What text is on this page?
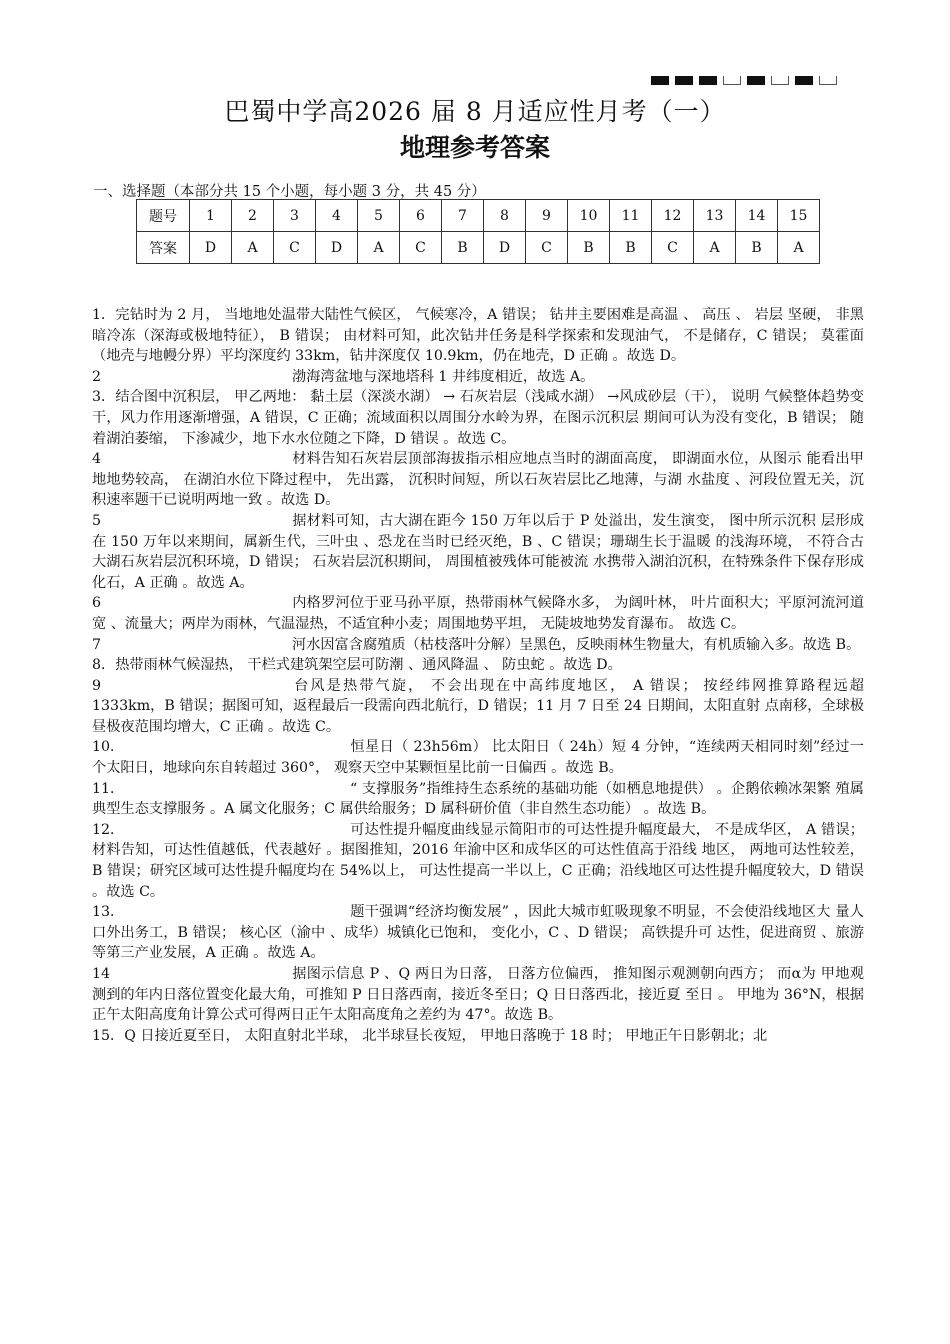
巴蜀中学高2026 届 8 月适应性月考（一）
地理参考答案
一、选择题（本部分共 15 个小题，每小题 3 分，共 45 分）
题号	1	2	3	4	5	6	7	8	9	10	11	12	13	14	15
答案	D	A	C	D	A	C	B	D	C	B	B	C	A	B	A
1．完钻时为 2 月， 当地地处温带大陆性气候区， 气候寒冷，A 错误； 钻井主要困难是高温 、 高压 、 岩层 坚硬， 非黑暗冷冻（深海或极地特征）， B 错误； 由材料可知，此次钻井任务是科学探索和发现油气， 不是储存，C 错误； 莫霍面（地壳与地幔分界）平均深度约 33km，钻井深度仅 10.9km，仍在地壳，D 正确 。故选 D。
2	渤海湾盆地与深地塔科 1 井纬度相近，故选 A。
3．结合图中沉积层， 甲乙两地： 黏土层（深淡水湖） → 石灰岩层（浅咸水湖） →风成砂层（干）， 说明 气候整体趋势变干，风力作用逐渐增强，A 错误，C 正确；流域面积以周围分水岭为界，在图示沉积层 期间可认为没有变化，B 错误； 随着湖泊萎缩， 下渗减少，地下水水位随之下降，D 错误 。故选 C。
4	材料告知石灰岩层顶部海拔指示相应地点当时的湖面高度， 即湖面水位，从图示 能看出甲地地势较高， 在湖泊水位下降过程中， 先出露， 沉积时间短，所以石灰岩层比乙地薄，与湖 水盐度 、河段位置无关，沉积速率题干已说明两地一致 。故选 D。
5	据材料可知，古大湖在距今 150 万年以后于 P 处溢出，发生演变， 图中所示沉积 层形成在 150 万年以来期间，属新生代，三叶虫 、恐龙在当时已经灭绝，B 、C 错误；珊瑚生长于温暖 的浅海环境， 不符合古大湖石灰岩层沉积环境，D 错误； 石灰岩层沉积期间， 周围植被残体可能被流 水携带入湖泊沉积，在特殊条件下保存形成化石，A 正确 。故选 A。
6	内格罗河位于亚马孙平原，热带雨林气候降水多， 为阔叶林， 叶片面积大；平原河流河道宽 、流量大；两岸为雨林，气温湿热，不适宜种小麦；周围地势平坦， 无陡坡地势发育瀑布。 故选 C。
7	河水因富含腐殖质（枯枝落叶分解）呈黑色，反映雨林生物量大，有机质输入多。故选 B。
8．热带雨林气候湿热， 干栏式建筑架空层可防潮 、通风降温 、 防虫蛇 。故选 D。
9	台风是热带气旋， 不会出现在中高纬度地区， A 错误； 按经纬网推算路程远超 1333km，B 错误；据图可知，返程最后一段需向西北航行，D 错误；11 月 7 日至 24 日期间，太阳直射 点南移，全球极昼极夜范围均增大，C 正确 。故选 C。
10．	恒星日（ 23h56m） 比太阳日（ 24h）短 4 分钟，“连续两天相同时刻”经过一 个太阳日，地球向东自转超过 360°， 观察天空中某颗恒星比前一日偏西 。故选 B。
11．	“ 支撑服务”指维持生态系统的基础功能（如栖息地提供） 。企鹅依赖冰架繁 殖属典型生态支撑服务 。A 属文化服务；C 属供给服务；D 属科研价值（非自然生态功能） 。故选 B。
12．	可达性提升幅度曲线显示简阳市的可达性提升幅度最大， 不是成华区， A 错误；材料告知，可达性值越低，代表越好 。据图推知，2016 年渝中区和成华区的可达性值高于沿线 地区， 两地可达性较差，B 错误；研究区域可达性提升幅度均在 54%以上， 可达性提高一半以上，C 正确；沿线地区可达性提升幅度较大，D 错误 。故选 C。
13．	题干强调“经济均衡发展” ，因此大城市虹吸现象不明显，不会使沿线地区大 量人口外出务工，B 错误； 核心区（渝中 、成华）城镇化已饱和， 变化小，C 、D 错误； 高铁提升可 达性，促进商贸 、旅游等第三产业发展，A 正确 。故选 A。
14	据图示信息 P 、Q 两日为日落， 日落方位偏西， 推知图示观测朝向西方； 而α为 甲地观测到的年内日落位置变化最大角，可推知 P 日日落西南，接近冬至日；Q 日日落西北，接近夏 至日 。 甲地为 36°N，根据正午太阳高度角计算公式可得两日正午太阳高度角之差约为 47°。故选 B。
15．Q 日接近夏至日， 太阳直射北半球， 北半球昼长夜短， 甲地日落晚于 18 时； 甲地正午日影朝北；北
